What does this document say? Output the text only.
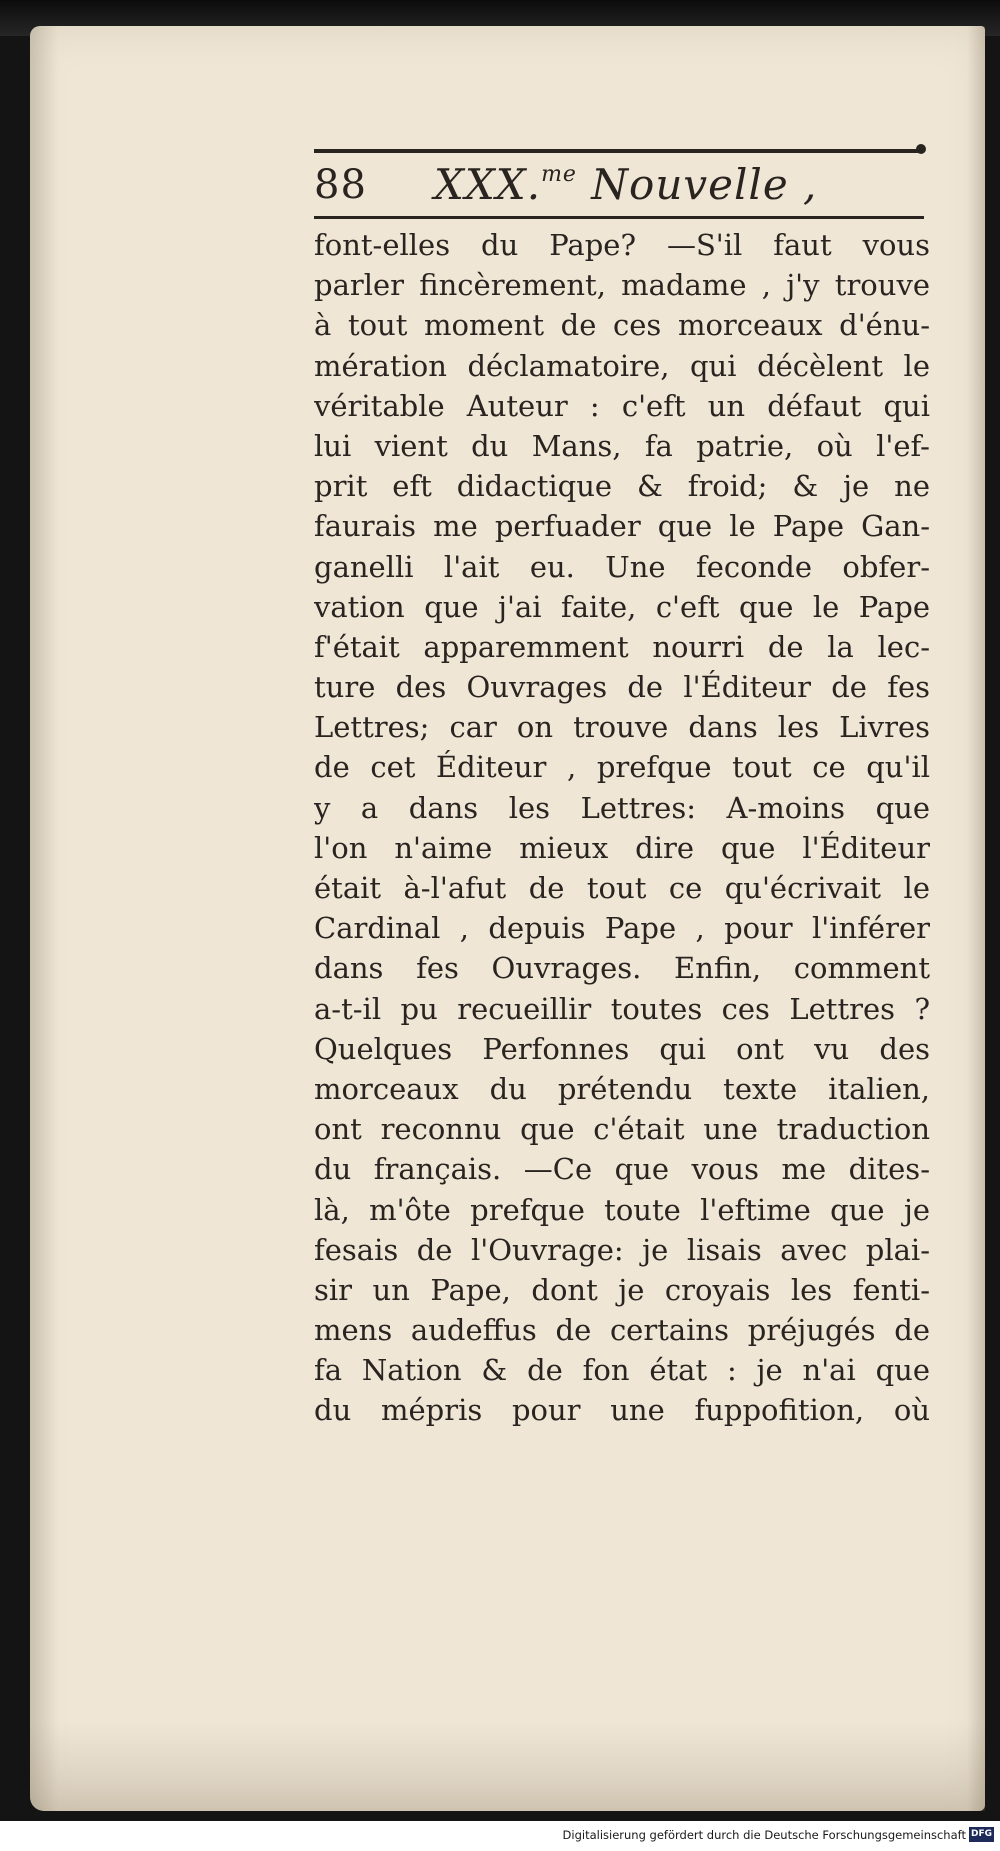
88 XXX.$^{me}$ Nouvelle ,
font-elles du Pape? —S'il faut vous
parler fincèrement, madame , j'y trouve
à tout moment de ces morceaux d'énu-
mération déclamatoire, qui décèlent le
véritable Auteur : c'eft un défaut qui
lui vient du Mans, fa patrie, où l'ef-
prit eft didactique & froid; & je ne
faurais me perfuader que le Pape Gan-
ganelli l'ait eu. Une feconde obfer-
vation que j'ai faite, c'eft que le Pape
f'était apparemment nourri de la lec-
ture des Ouvrages de l'Éditeur de fes
Lettres; car on trouve dans les Livres
de cet Éditeur , prefque tout ce qu'il
y a dans les Lettres: A-moins que
l'on n'aime mieux dire que l'Éditeur
était à-l'afut de tout ce qu'écrivait le
Cardinal , depuis Pape , pour l'inférer
dans fes Ouvrages. Enfin, comment
a-t-il pu recueillir toutes ces Lettres ?
Quelques Perfonnes qui ont vu des
morceaux du prétendu texte italien,
ont reconnu que c'était une traduction
du français. —Ce que vous me dites-
là, m'ôte prefque toute l'eftime que je
fesais de l'Ouvrage: je lisais avec plai-
sir un Pape, dont je croyais les fenti-
mens audeffus de certains préjugés de
fa Nation & de fon état : je n'ai que
du mépris pour une fuppofition, où
Digitalisierung gefördert durch die Deutsche Forschungsgemeinschaft DFG
